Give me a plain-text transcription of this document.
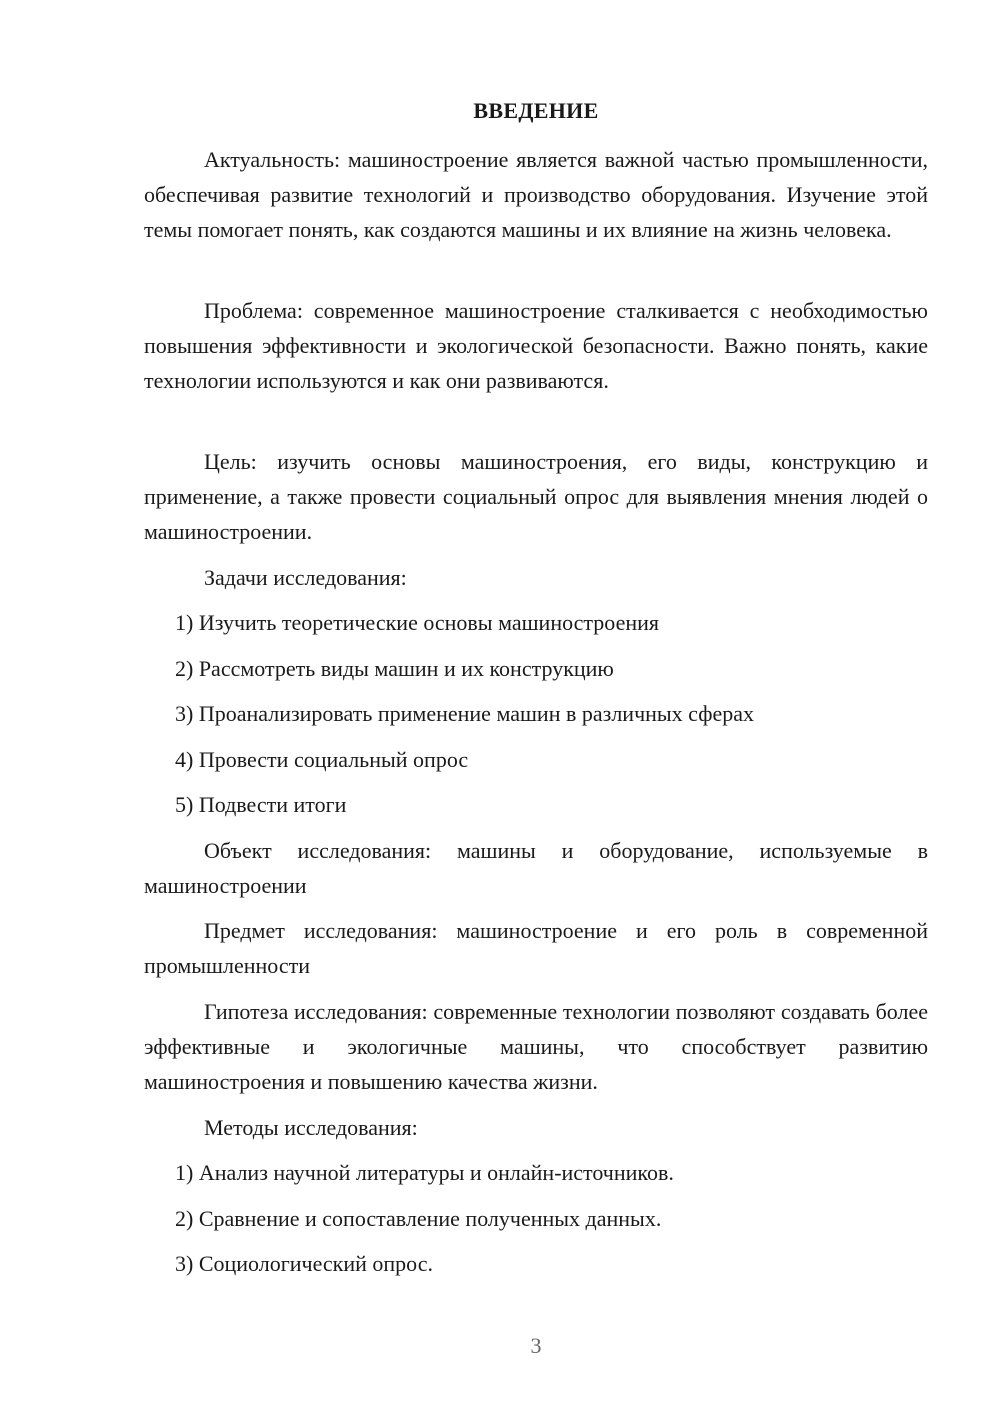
ВВЕДЕНИЕ

Актуальность: машиностроение является важной частью промышленности, обеспечивая развитие технологий и производство оборудования. Изучение этой темы помогает понять, как создаются машины и их влияние на жизнь человека.

Проблема: современное машиностроение сталкивается с необходимостью повышения эффективности и экологической безопасности. Важно понять, какие технологии используются и как они развиваются.

Цель: изучить основы машиностроения, его виды, конструкцию и применение, а также провести социальный опрос для выявления мнения людей о машиностроении.

Задачи исследования:

1) Изучить теоретические основы машиностроения

2) Рассмотреть виды машин и их конструкцию

3) Проанализировать применение машин в различных сферах

4) Провести социальный опрос

5) Подвести итоги

Объект исследования: машины и оборудование, используемые в машиностроении

Предмет исследования: машиностроение и его роль в современной промышленности

Гипотеза исследования: современные технологии позволяют создавать более эффективные и экологичные машины, что способствует развитию машиностроения и повышению качества жизни.

Методы исследования:

1) Анализ научной литературы и онлайн-источников.

2) Сравнение и сопоставление полученных данных.

3) Социологический опрос.

3
